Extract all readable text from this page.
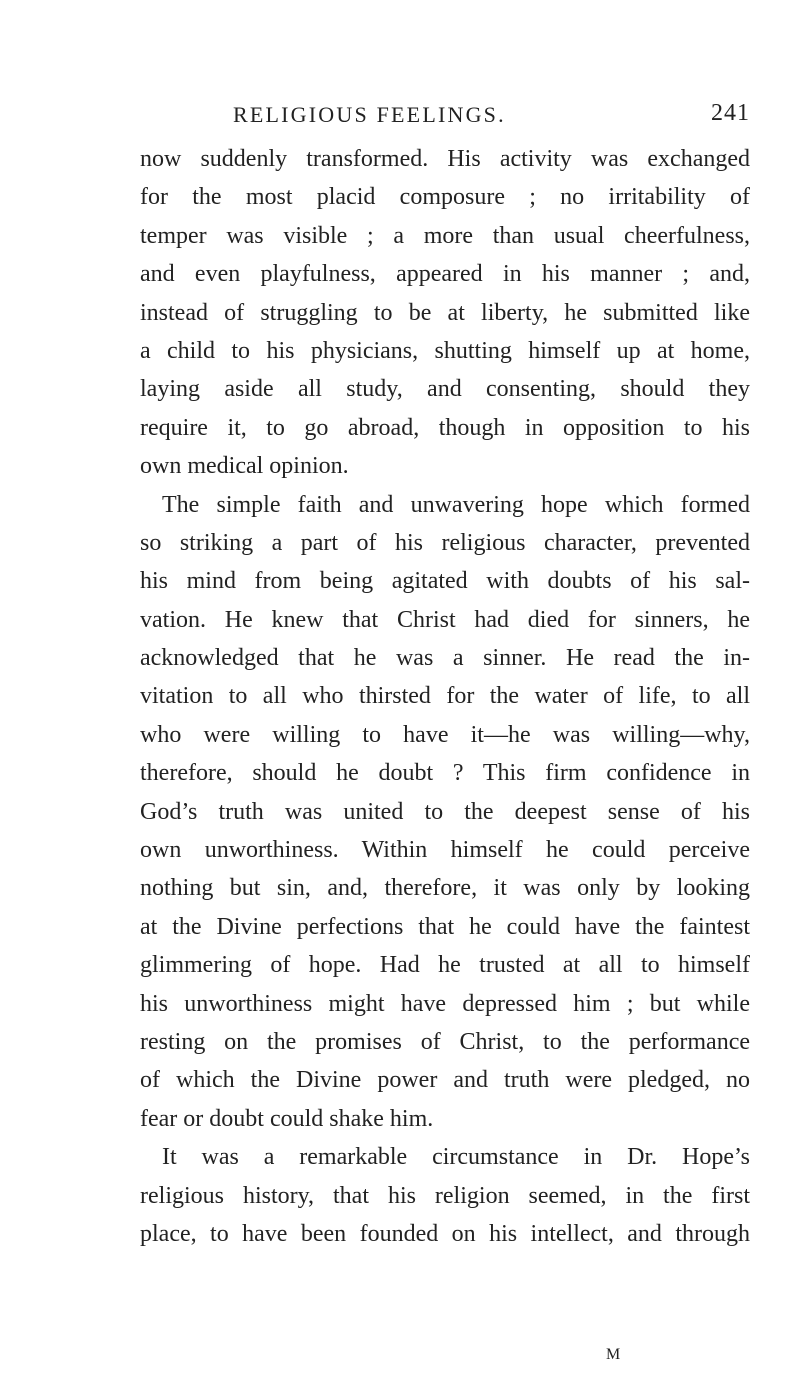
RELIGIOUS FEELINGS.	241
now suddenly transformed. His activity was exchanged
for the most placid composure ; no irritability of
temper was visible ; a more than usual cheerfulness,
and even playfulness, appeared in his manner ; and,
instead of struggling to be at liberty, he submitted like
a child to his physicians, shutting himself up at home,
laying aside all study, and consenting, should they
require it, to go abroad, though in opposition to his
own medical opinion.
The simple faith and unwavering hope which formed
so striking a part of his religious character, prevented
his mind from being agitated with doubts of his sal-
vation. He knew that Christ had died for sinners, he
acknowledged that he was a sinner. He read the in-
vitation to all who thirsted for the water of life, to all
who were willing to have it—he was willing—why,
therefore, should he doubt ? This firm confidence in
God’s truth was united to the deepest sense of his
own unworthiness. Within himself he could perceive
nothing but sin, and, therefore, it was only by looking
at the Divine perfections that he could have the faintest
glimmering of hope. Had he trusted at all to himself
his unworthiness might have depressed him ; but while
resting on the promises of Christ, to the performance
of which the Divine power and truth were pledged, no
fear or doubt could shake him.
It was a remarkable circumstance in Dr. Hope’s
religious history, that his religion seemed, in the first
place, to have been founded on his intellect, and through
M
